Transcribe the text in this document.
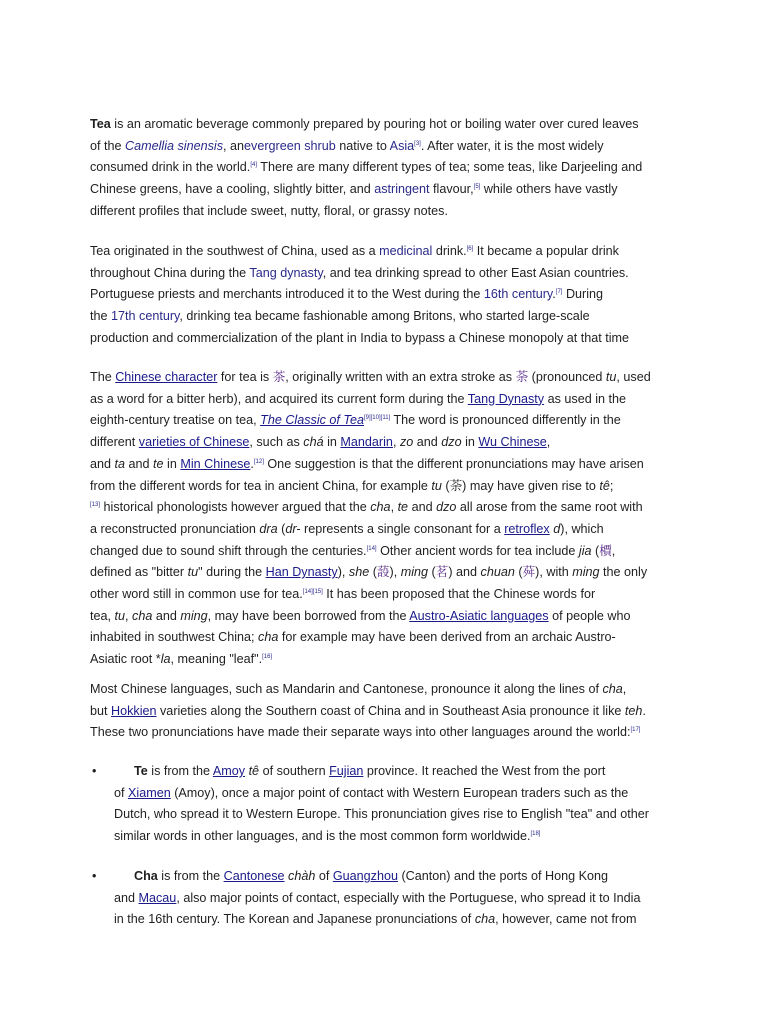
Tea is an aromatic beverage commonly prepared by pouring hot or boiling water over cured leaves
of the Camellia sinensis, anevergreen shrub native to Asia[3]. After water, it is the most widely
consumed drink in the world.[4] There are many different types of tea; some teas, like Darjeeling and
Chinese greens, have a cooling, slightly bitter, and astringent flavour,[5] while others have vastly
different profiles that include sweet, nutty, floral, or grassy notes.
Tea originated in the southwest of China, used as a medicinal drink.[6] It became a popular drink
throughout China during the Tang dynasty, and tea drinking spread to other East Asian countries.
Portuguese priests and merchants introduced it to the West during the 16th century.[7] During
the 17th century, drinking tea became fashionable among Britons, who started large-scale
production and commercialization of the plant in India to bypass a Chinese monopoly at that time
The Chinese character for tea is 茶, originally written with an extra stroke as 荼 (pronounced tu, used
as a word for a bitter herb), and acquired its current form during the Tang Dynasty as used in the
eighth-century treatise on tea, The Classic of Tea[9][10][11] The word is pronounced differently in the
different varieties of Chinese, such as chá in Mandarin, zo and dzo in Wu Chinese,
and ta and te in Min Chinese.[12] One suggestion is that the different pronunciations may have arisen
from the different words for tea in ancient China, for example tu (荼) may have given rise to tê;
[13] historical phonologists however argued that the cha, te and dzo all arose from the same root with
a reconstructed pronunciation dra (dr- represents a single consonant for a retroflex d), which
changed due to sound shift through the centuries.[14] Other ancient words for tea include jia (檟,
defined as "bitter tu" during the Han Dynasty), she (蔎), ming (茗) and chuan (荈), with ming the only
other word still in common use for tea.[14][15] It has been proposed that the Chinese words for
tea, tu, cha and ming, may have been borrowed from the Austro-Asiatic languages of people who
inhabited in southwest China; cha for example may have been derived from an archaic Austro-
Asiatic root *la, meaning "leaf".[16]
Most Chinese languages, such as Mandarin and Cantonese, pronounce it along the lines of cha,
but Hokkien varieties along the Southern coast of China and in Southeast Asia pronounce it like teh.
These two pronunciations have made their separate ways into other languages around the world:[17]
•	Te is from the Amoy tê of southern Fujian province. It reached the West from the port
of Xiamen (Amoy), once a major point of contact with Western European traders such as the
Dutch, who spread it to Western Europe. This pronunciation gives rise to English "tea" and other
similar words in other languages, and is the most common form worldwide.[18]
•	Cha is from the Cantonese chàh of Guangzhou (Canton) and the ports of Hong Kong
and Macau, also major points of contact, especially with the Portuguese, who spread it to India
in the 16th century. The Korean and Japanese pronunciations of cha, however, came not from
